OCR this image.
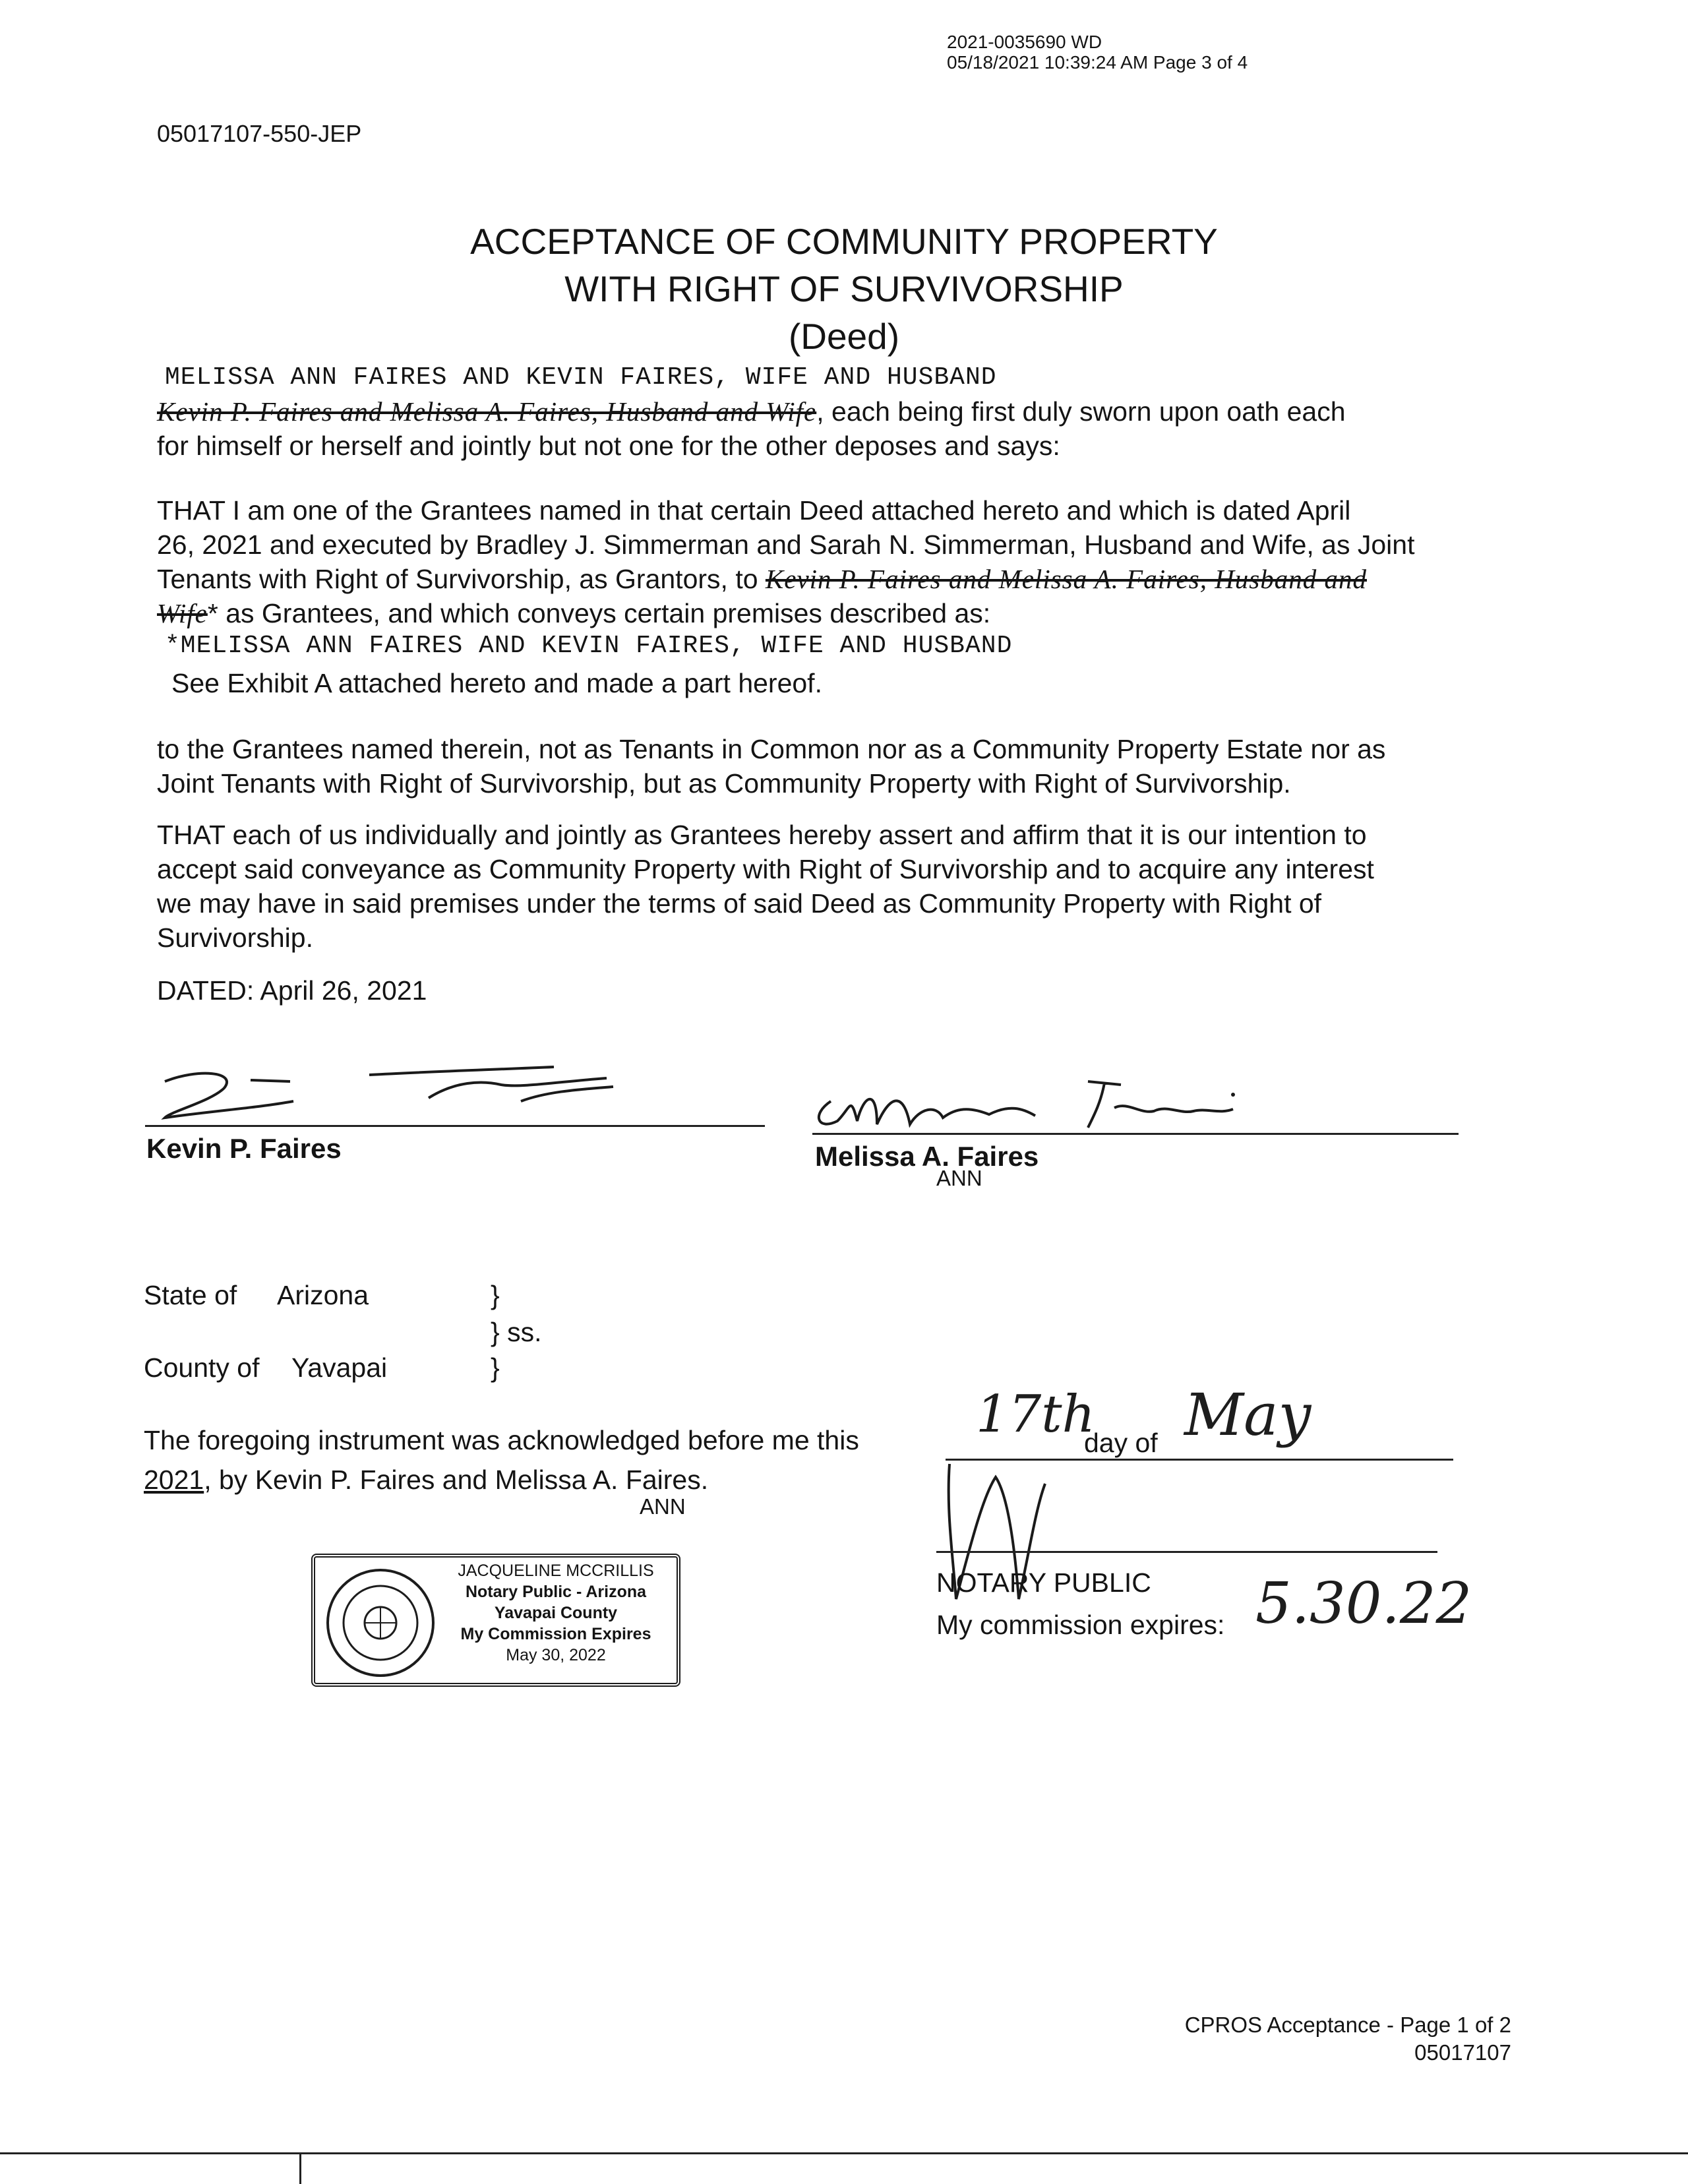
2021-0035690 WD
05/18/2021 10:39:24 AM Page 3 of 4
05017107-550-JEP
ACCEPTANCE OF COMMUNITY PROPERTY
WITH RIGHT OF SURVIVORSHIP
(Deed)
MELISSA ANN FAIRES AND KEVIN FAIRES, WIFE AND HUSBAND
Kevin P. Faires and Melissa A. Faires, Husband and Wife, each being first duly sworn upon oath each
for himself or herself and jointly but not one for the other deposes and says:
THAT I am one of the Grantees named in that certain Deed attached hereto and which is dated April
26, 2021 and executed by Bradley J. Simmerman and Sarah N. Simmerman, Husband and Wife, as Joint
Tenants with Right of Survivorship, as Grantors, to Kevin P. Faires and Melissa A. Faires, Husband and
Wife* as Grantees, and which conveys certain premises described as:
*MELISSA ANN FAIRES AND KEVIN FAIRES, WIFE AND HUSBAND
See Exhibit A attached hereto and made a part hereof.
to the Grantees named therein, not as Tenants in Common nor as a Community Property Estate nor as
Joint Tenants with Right of Survivorship, but as Community Property with Right of Survivorship.
THAT each of us individually and jointly as Grantees hereby assert and affirm that it is our intention to
accept said conveyance as Community Property with Right of Survivorship and to acquire any interest
we may have in said premises under the terms of said Deed as Community Property with Right of
Survivorship.
DATED: April 26, 2021
Kevin P. Faires	Melissa A. Faires
ANN
State of Arizona	}
} ss.
County of Yavapai	}
The foregoing instrument was acknowledged before me this 17th
day of May
2021, by Kevin P. Faires and Melissa A. Faires.
ANN
JACQUELINE MCCRILLIS
Notary Public - Arizona
Yavapai County
My Commission Expires
May 30, 2022
NOTARY PUBLIC
My commission expires: 5.30.22
CPROS Acceptance - Page 1 of 2
05017107
